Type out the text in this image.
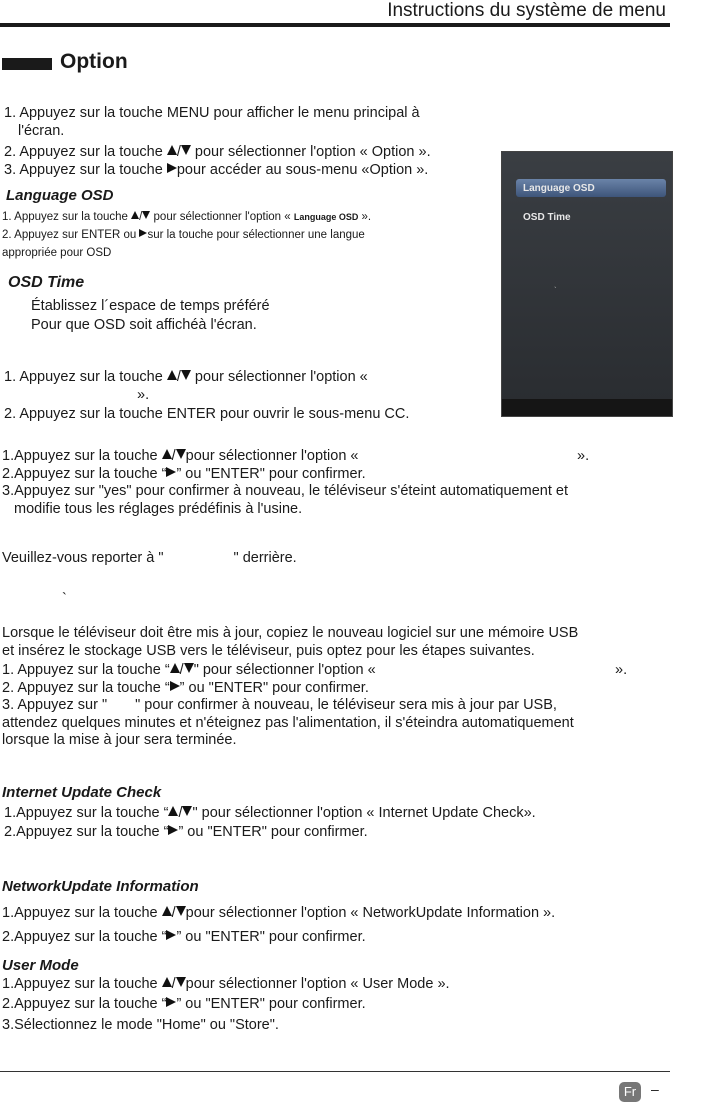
Instructions du système de menu
Option
1. Appuyez sur la touche MENU pour afficher le menu principal à
l'écran.
2. Appuyez sur la touche / pour sélectionner l'option « Option ».
3. Appuyez sur la touche pour accéder au sous-menu «Option ».
Language OSD
1. Appuyez sur la touche / pour sélectionner l'option « Language OSD ».
2. Appuyez sur ENTER ou sur la touche pour sélectionner une langue
appropriée pour OSD
OSD Time
Établissez l´espace de temps préféré
Pour que OSD soit affichéà l'écran.
1. Appuyez sur la touche / pour sélectionner l'option «
».
2. Appuyez sur la touche ENTER pour ouvrir le sous-menu CC.
Language OSD
OSD Time
`
1.Appuyez sur la touche / pour sélectionner l'option «	».
2.Appuyez sur la touche “ ” ou "ENTER" pour confirmer.
3.Appuyez sur "yes" pour confirmer à nouveau, le téléviseur s'éteint automatiquement et
modifie tous les réglages prédéfinis à l'usine.
Veuillez-vous reporter à "	" derrière.
`
Lorsque le téléviseur doit être mis à jour, copiez le nouveau logiciel sur une mémoire USB
et insérez le stockage USB vers le téléviseur, puis optez pour les étapes suivantes.
1. Appuyez sur la touche “ / " pour sélectionner l'option «	».
2. Appuyez sur la touche “ ” ou "ENTER" pour confirmer.
3. Appuyez sur " " pour confirmer à nouveau, le téléviseur sera mis à jour par USB,
attendez quelques minutes et n'éteignez pas l'alimentation, il s'éteindra automatiquement
lorsque la mise à jour sera terminée.
Internet Update Check
1.Appuyez sur la touche “ / " pour sélectionner l'option « Internet Update Check».
2.Appuyez sur la touche “ ” ou "ENTER" pour confirmer.
NetworkUpdate Information
1.Appuyez sur la touche / pour sélectionner l'option « NetworkUpdate Information ».
2.Appuyez sur la touche “ ” ou "ENTER" pour confirmer.
User Mode
1.Appuyez sur la touche / pour sélectionner l'option « User Mode ».
2.Appuyez sur la touche “ ” ou "ENTER" pour confirmer.
3.Sélectionnez le mode "Home" ou "Store".
Fr	–
